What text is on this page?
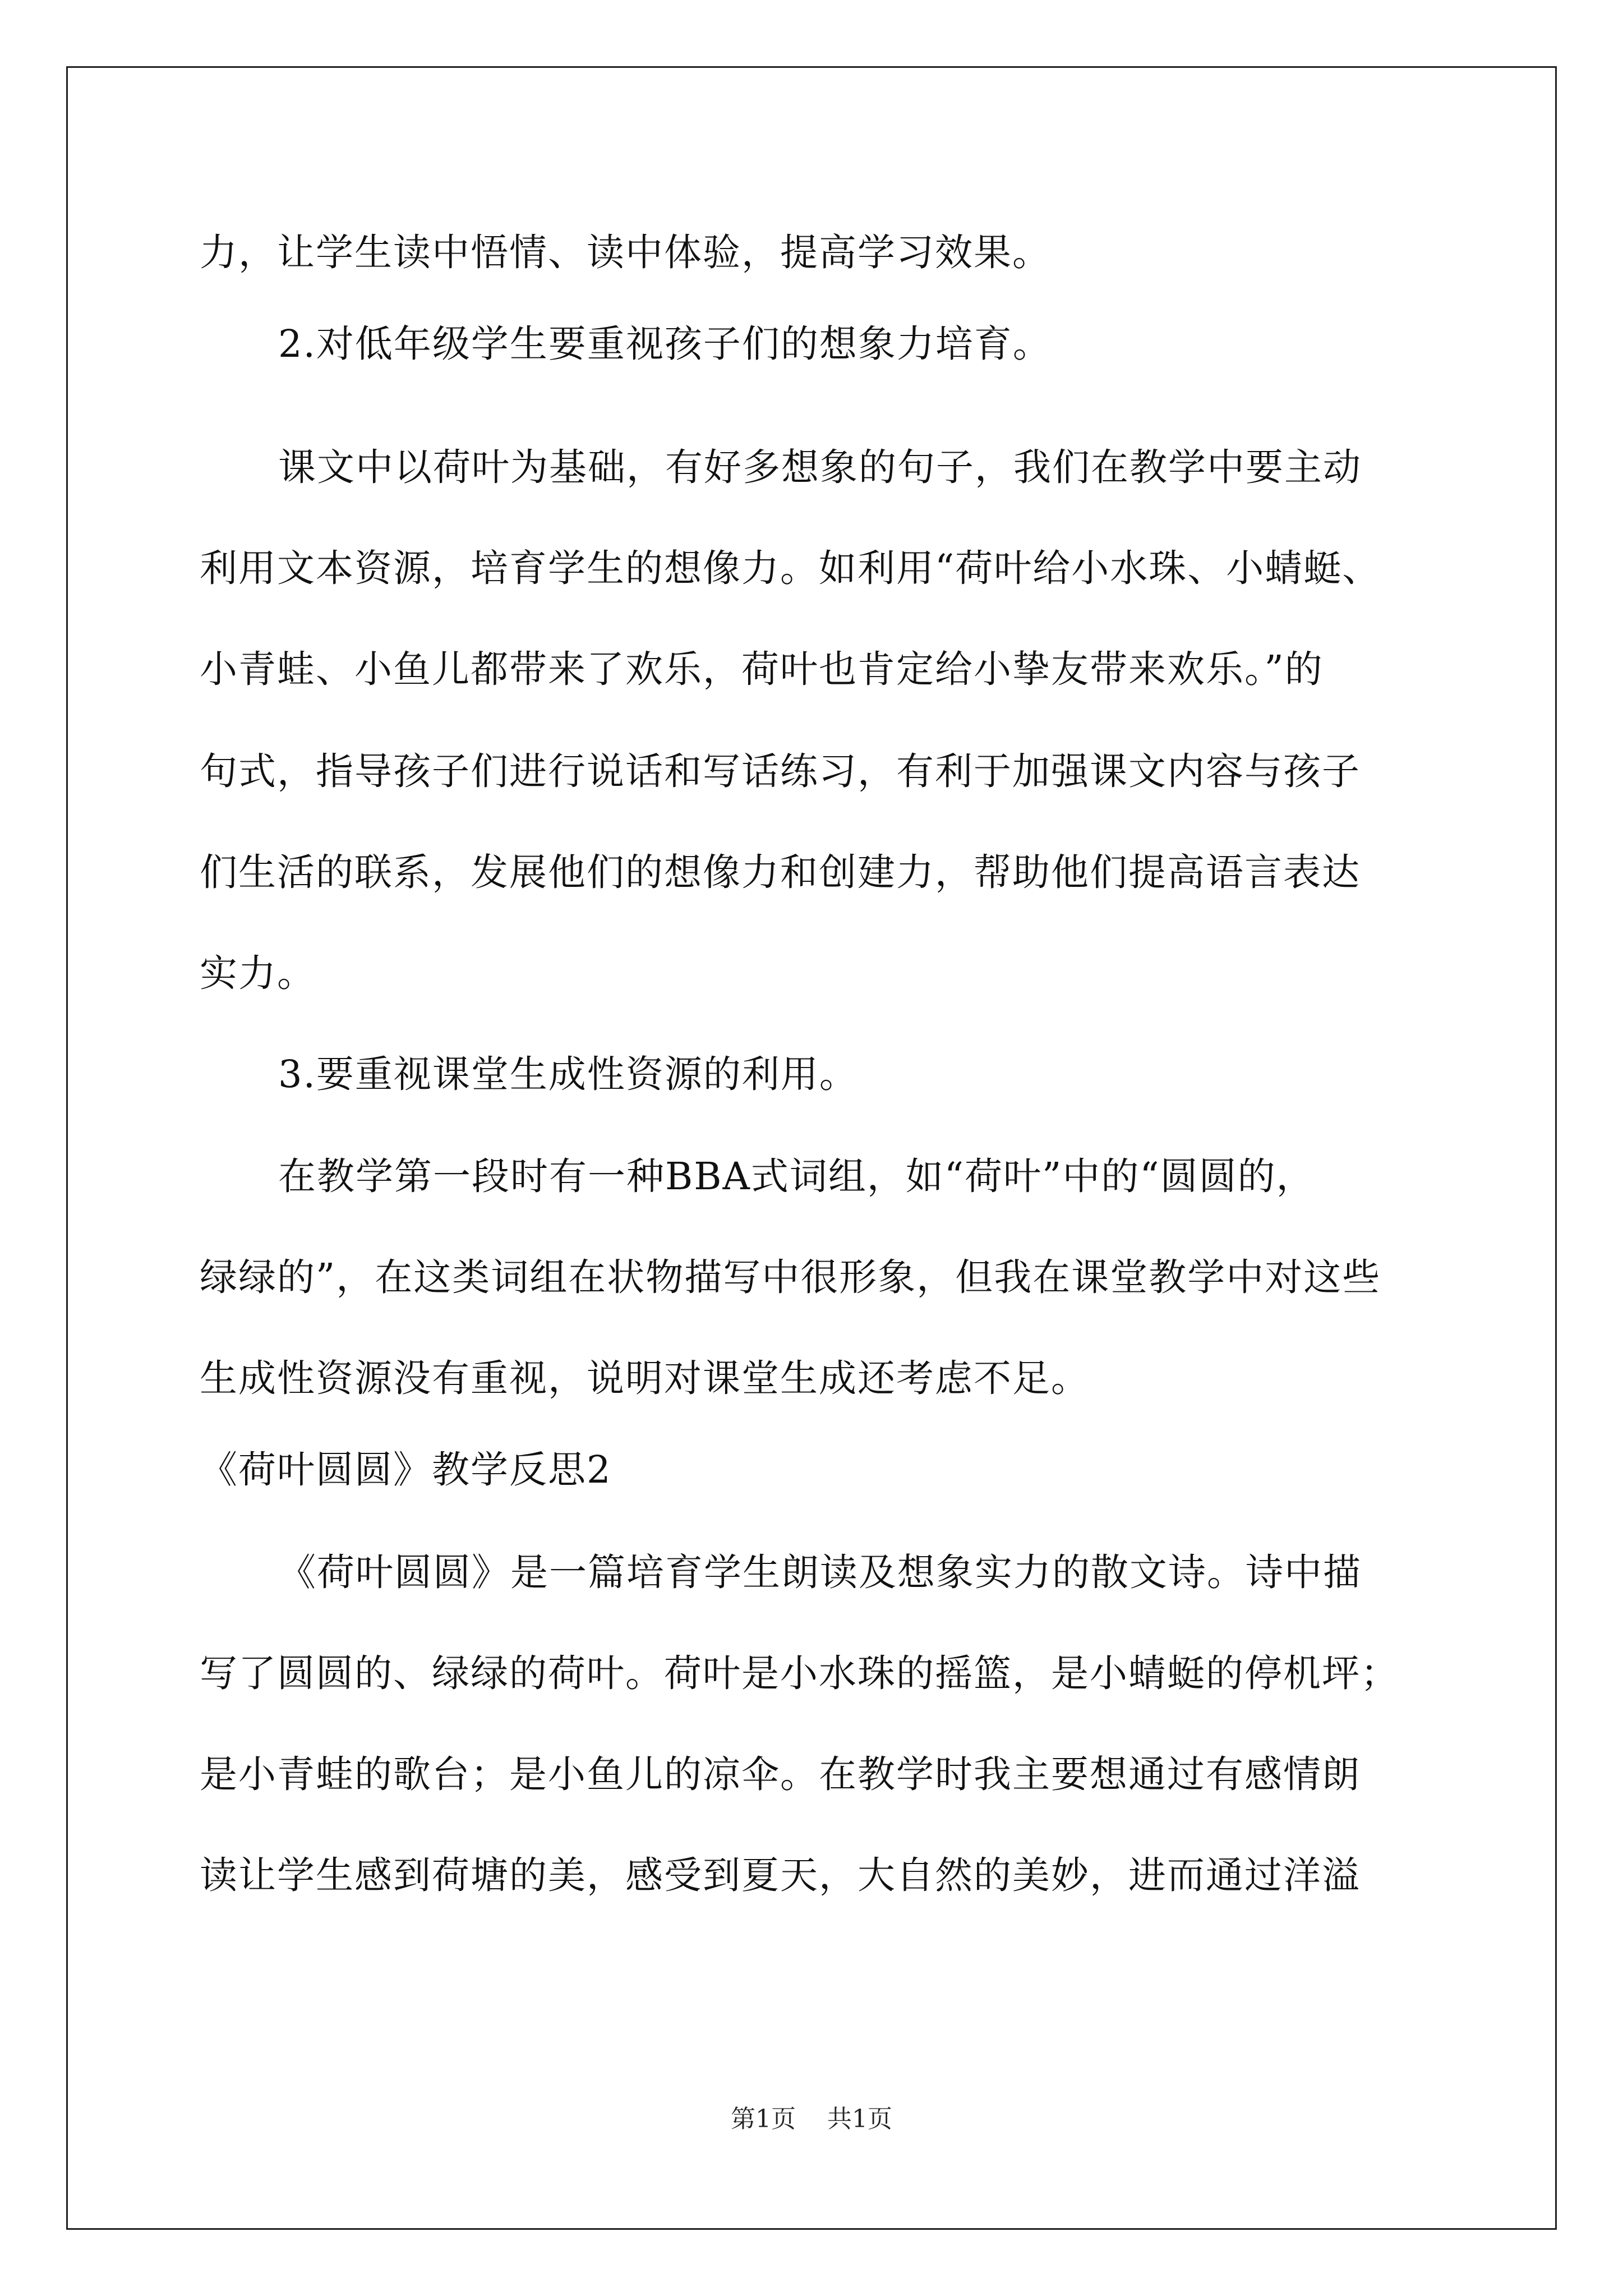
力，让学生读中悟情、读中体验，提高学习效果。
2.对低年级学生要重视孩子们的想象力培育。
课文中以荷叶为基础，有好多想象的句子，我们在教学中要主动
利用文本资源，培育学生的想像力。如利用“荷叶给小水珠、小蜻蜓、
小青蛙、小鱼儿都带来了欢乐，荷叶也肯定给小挚友带来欢乐。”的
句式，指导孩子们进行说话和写话练习，有利于加强课文内容与孩子
们生活的联系，发展他们的想像力和创建力，帮助他们提高语言表达
实力。
3.要重视课堂生成性资源的利用。
在教学第一段时有一种BBA式词组，如“荷叶”中的“圆圆的，
绿绿的”，在这类词组在状物描写中很形象，但我在课堂教学中对这些
生成性资源没有重视，说明对课堂生成还考虑不足。
《荷叶圆圆》教学反思2
《荷叶圆圆》是一篇培育学生朗读及想象实力的散文诗。诗中描
写了圆圆的、绿绿的荷叶。荷叶是小水珠的摇篮，是小蜻蜓的停机坪；
是小青蛙的歌台；是小鱼儿的凉伞。在教学时我主要想通过有感情朗
读让学生感到荷塘的美，感受到夏天，大自然的美妙，进而通过洋溢
第1页 共1页
